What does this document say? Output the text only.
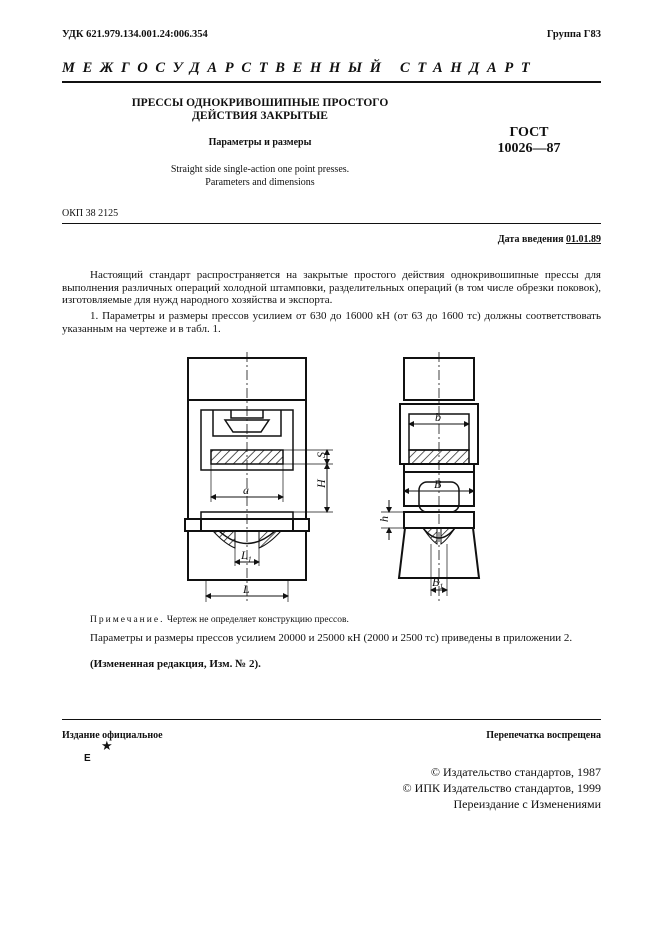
УДК 621.979.134.001.24:006.354	Группа Г83
МЕЖГОСУДАРСТВЕННЫЙ СТАНДАРТ
ПРЕССЫ ОДНОКРИВОШИПНЫЕ ПРОСТОГО
ДЕЙСТВИЯ ЗАКРЫТЫЕ
Параметры и размеры
Straight side single-action one point presses.
Parameters and dimensions
ГОСТ
10026—87
ОКП 38 2125
Дата введения 01.01.89
Настоящий стандарт распространяется на закрытые простого действия однокривошипные прессы для выполнения различных операций холодной штамповки, разделительных операций (в том числе обрезки поковок), изготовляемые для нужд народного хозяйства и экспорта.
1. Параметры и размеры прессов усилием от 630 до 16000 кН (от 63 до 1600 тс) должны соответствовать указанным на чертеже и в табл. 1.
a
$L_1$
L
S
H
b
B
$B_1$
h
Примечание. Чертеж не определяет конструкцию прессов.
Параметры и размеры прессов усилием 20000 и 25000 кН (2000 и 2500 тс) приведены в приложении 2.
(Измененная редакция, Изм. № 2).
Издание официальное	Перепечатка воспрещена
★
Е
© Издательство стандартов, 1987
© ИПК Издательство стандартов, 1999
Переиздание с Изменениями
